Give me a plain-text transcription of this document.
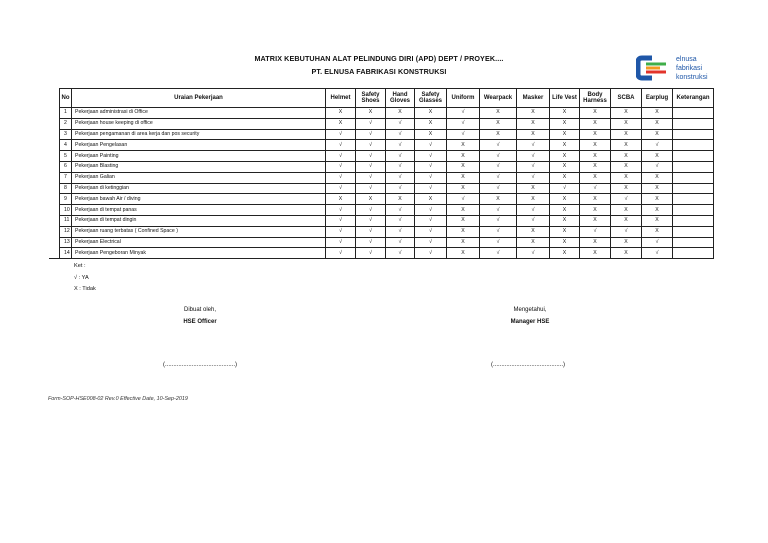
MATRIX KEBUTUHAN ALAT PELINDUNG DIRI (APD) DEPT / PROYEK....
PT. ELNUSA FABRIKASI KONSTRUKSI
elnusa
fabrikasi
konstruksi
No	Uraian Pekerjaan	Helmet	Safety Shoes	Hand Gloves	Safety Glasses	Uniform	Wearpack	Masker	Life Vest	Body Harness	SCBA	Earplug	Keterangan
1	Pekerjaan administrasi di Office	X	X	X	X	√	X	X	X	X	X	X	
2	Pekerjaan house keeping di office	X	√	√	X	√	X	X	X	X	X	X	
3	Pekerjaan pengamanan di area kerja dan pos security	√	√	√	X	√	X	X	X	X	X	X	
4	Pekerjaan Pengelasan	√	√	√	√	X	√	√	X	X	X	√	
5	Pekerjaan Painting	√	√	√	√	X	√	√	X	X	X	X	
6	Pekerjaan Blasting	√	√	√	√	X	√	√	X	X	X	√	
7	Pekerjaan Galian	√	√	√	√	X	√	√	X	X	X	X	
8	Pekerjaan di ketinggian	√	√	√	√	X	√	X	√	√	X	X	
9	Pekerjaan bawah Air / diving	X	X	X	X	√	X	X	X	X	√	X	
10	Pekerjaan di tempat panas	√	√	√	√	X	√	√	X	X	X	X	
11	Pekerjaan di tempat dingin	√	√	√	√	X	√	√	X	X	X	X	
12	Pekerjaan ruang terbatas ( Confined Space )	√	√	√	√	X	√	X	X	√	√	X	
13	Pekerjaan Electrical	√	√	√	√	X	√	X	X	X	X	√	
14	Pekerjaan Pengeboran Minyak	√	√	√	√	X	√	√	X	X	X	√	
Ket :
√ : YA
X : Tidak
Dibuat oleh,
HSE Officer
(..........................................)
Mengetahui,
Manager HSE
(..........................................)
Form-SOP-HSE008-02 Rev.0 Effective Date, 10-Sep-2019
